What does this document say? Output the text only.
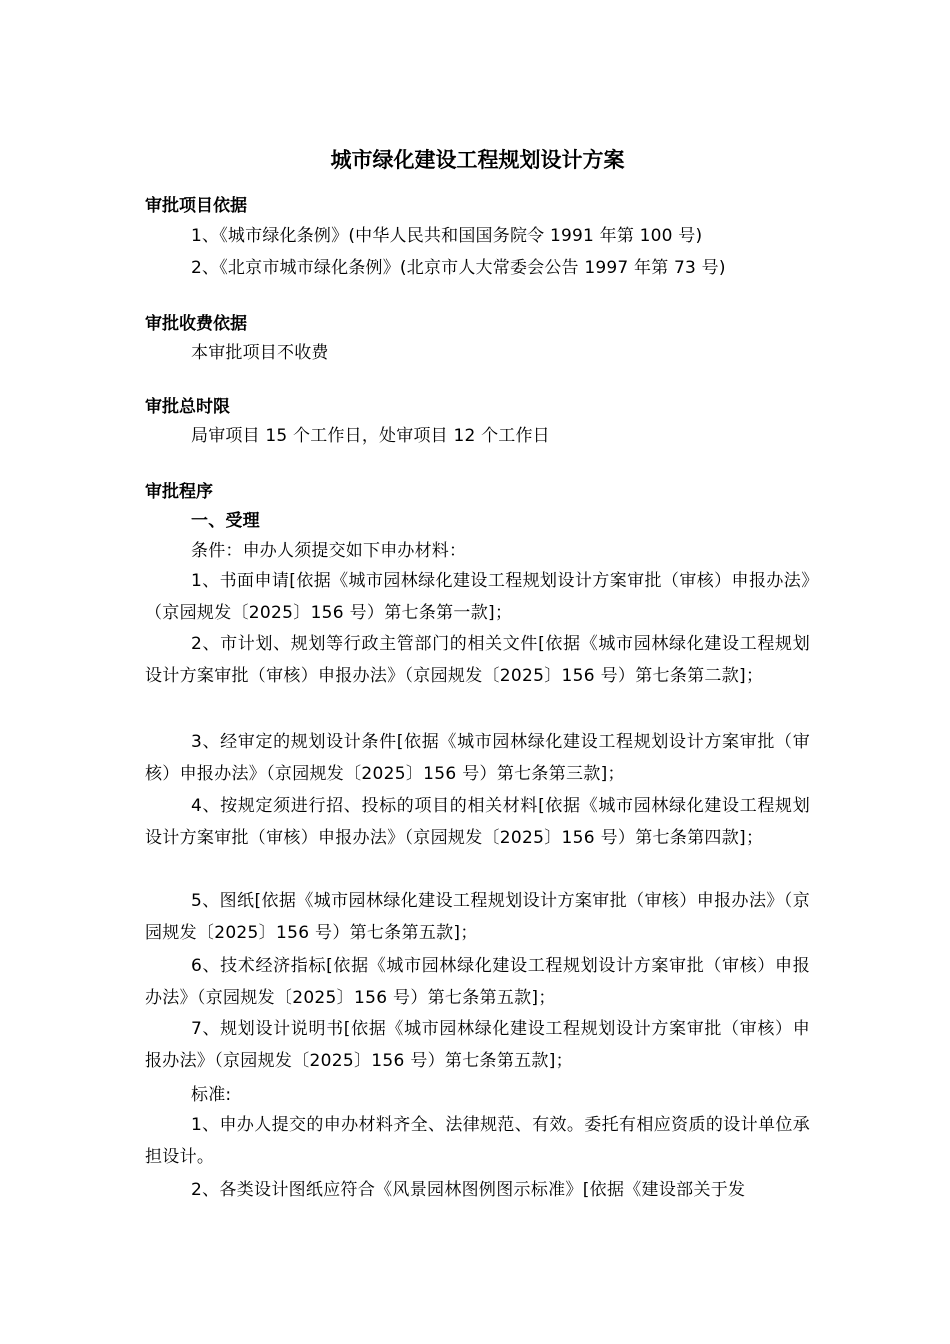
城市绿化建设工程规划设计方案
审批项目依据
1、《城市绿化条例》(中华人民共和国国务院令 1991 年第 100 号)
2、《北京市城市绿化条例》(北京市人大常委会公告 1997 年第 73 号)
审批收费依据
本审批项目不收费
审批总时限
局审项目 15 个工作日，处审项目 12 个工作日
审批程序
一、受理
条件：申办人须提交如下申办材料：
1、书面申请[依据《城市园林绿化建设工程规划设计方案审批（审核）申报办法》（京园规发〔2025〕156 号）第七条第一款]；
2、市计划、规划等行政主管部门的相关文件[依据《城市园林绿化建设工程规划设计方案审批（审核）申报办法》（京园规发〔2025〕156 号）第七条第二款]；
3、经审定的规划设计条件[依据《城市园林绿化建设工程规划设计方案审批（审核）申报办法》（京园规发〔2025〕156 号）第七条第三款]；
4、按规定须进行招、投标的项目的相关材料[依据《城市园林绿化建设工程规划设计方案审批（审核）申报办法》（京园规发〔2025〕156 号）第七条第四款]；
5、图纸[依据《城市园林绿化建设工程规划设计方案审批（审核）申报办法》（京园规发〔2025〕156 号）第七条第五款]；
6、技术经济指标[依据《城市园林绿化建设工程规划设计方案审批（审核）申报办法》（京园规发〔2025〕156 号）第七条第五款]；
7、规划设计说明书[依据《城市园林绿化建设工程规划设计方案审批（审核）申报办法》（京园规发〔2025〕156 号）第七条第五款]；
标准:
1、申办人提交的申办材料齐全、法律规范、有效。委托有相应资质的设计单位承担设计。
2、各类设计图纸应符合《风景园林图例图示标准》[依据《建设部关于发
